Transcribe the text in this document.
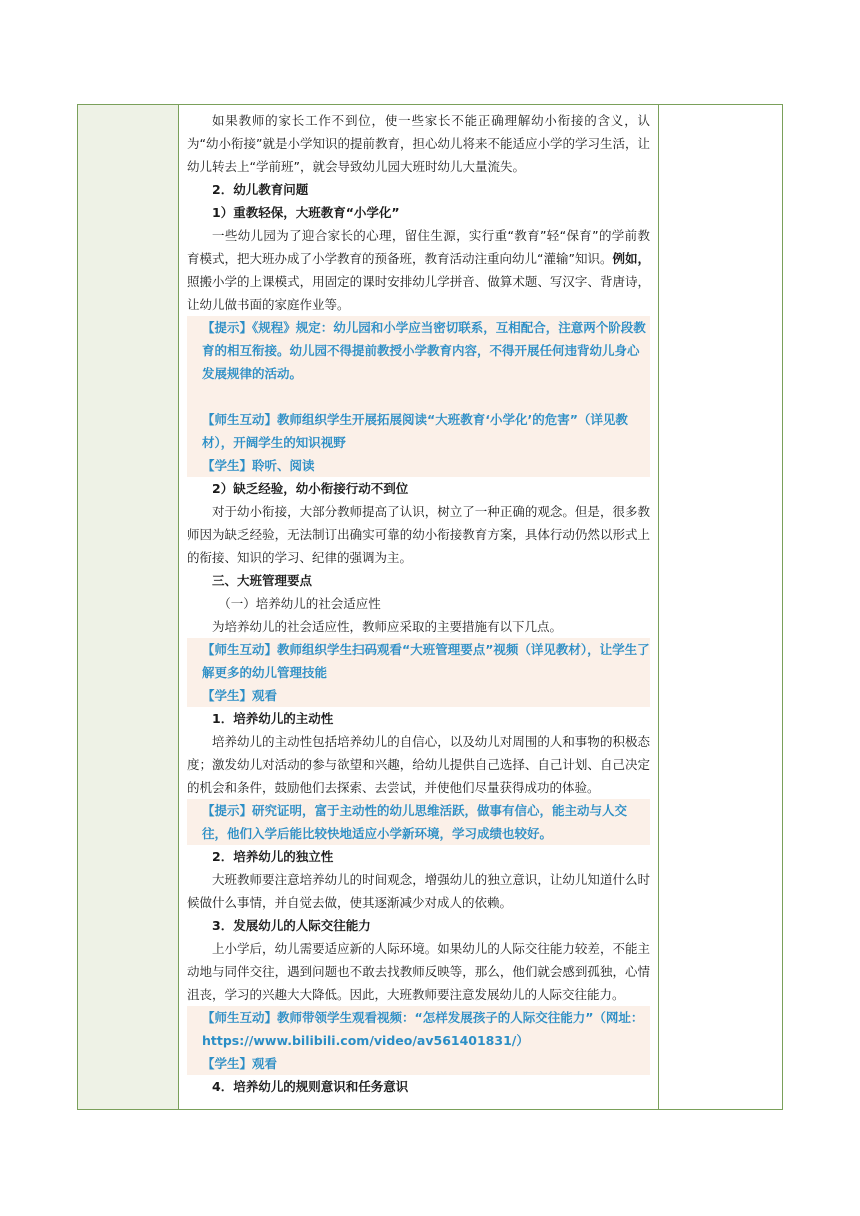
如果教师的家长工作不到位，使一些家长不能正确理解幼小衔接的含义，认为“幼小衔接”就是小学知识的提前教育，担心幼儿将来不能适应小学的学习生活，让幼儿转去上“学前班”，就会导致幼儿园大班时幼儿大量流失。

2．幼儿教育问题

1）重教轻保，大班教育“小学化”

一些幼儿园为了迎合家长的心理，留住生源，实行重“教育”轻“保育”的学前教育模式，把大班办成了小学教育的预备班，教育活动注重向幼儿“灌输”知识。例如，照搬小学的上课模式，用固定的课时安排幼儿学拼音、做算术题、写汉字、背唐诗，让幼儿做书面的家庭作业等。

【提示】《规程》规定：幼儿园和小学应当密切联系，互相配合，注意两个阶段教育的相互衔接。幼儿园不得提前教授小学教育内容，不得开展任何违背幼儿身心发展规律的活动。

【师生互动】教师组织学生开展拓展阅读“大班教育‘小学化’的危害”（详见教材），开阔学生的知识视野

【学生】聆听、阅读

2）缺乏经验，幼小衔接行动不到位

对于幼小衔接，大部分教师提高了认识，树立了一种正确的观念。但是，很多教师因为缺乏经验，无法制订出确实可靠的幼小衔接教育方案，具体行动仍然以形式上的衔接、知识的学习、纪律的强调为主。

三、大班管理要点

（一）培养幼儿的社会适应性

为培养幼儿的社会适应性，教师应采取的主要措施有以下几点。

【师生互动】教师组织学生扫码观看“大班管理要点”视频（详见教材），让学生了解更多的幼儿管理技能

【学生】观看

1．培养幼儿的主动性

培养幼儿的主动性包括培养幼儿的自信心，以及幼儿对周围的人和事物的积极态度；激发幼儿对活动的参与欲望和兴趣，给幼儿提供自己选择、自己计划、自己决定的机会和条件，鼓励他们去探索、去尝试，并使他们尽量获得成功的体验。

【提示】研究证明，富于主动性的幼儿思维活跃，做事有信心，能主动与人交往，他们入学后能比较快地适应小学新环境，学习成绩也较好。

2．培养幼儿的独立性

大班教师要注意培养幼儿的时间观念，增强幼儿的独立意识，让幼儿知道什么时候做什么事情，并自觉去做，使其逐渐减少对成人的依赖。

3．发展幼儿的人际交往能力

上小学后，幼儿需要适应新的人际环境。如果幼儿的人际交往能力较差，不能主动地与同伴交往，遇到问题也不敢去找教师反映等，那么，他们就会感到孤独，心情沮丧，学习的兴趣大大降低。因此，大班教师要注意发展幼儿的人际交往能力。

【师生互动】教师带领学生观看视频：“怎样发展孩子的人际交往能力”（网址：https://www.bilibili.com/video/av561401831/）

【学生】观看

4．培养幼儿的规则意识和任务意识
